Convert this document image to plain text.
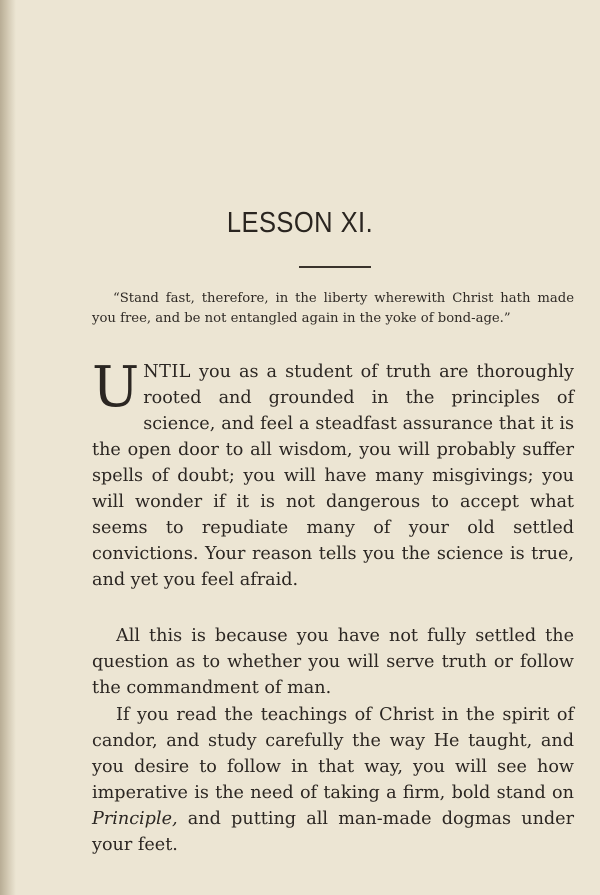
LESSON XI.
“Stand fast, therefore, in the liberty wherewith Christ hath made you free, and be not entangled again in the yoke of bond-age.”
UNTIL you as a student of truth are thoroughly rooted and grounded in the principles of science, and feel a steadfast assurance that it is the open door to all wisdom, you will probably suffer spells of doubt; you will have many misgivings; you will wonder if it is not dangerous to accept what seems to repudiate many of your old settled convictions. Your reason tells you the science is true, and yet you feel afraid.
All this is because you have not fully settled the question as to whether you will serve truth or follow the commandment of man.
If you read the teachings of Christ in the spirit of candor, and study carefully the way He taught, and you desire to follow in that way, you will see how imperative is the need of taking a firm, bold stand on Principle, and putting all man-made dogmas under your feet.
